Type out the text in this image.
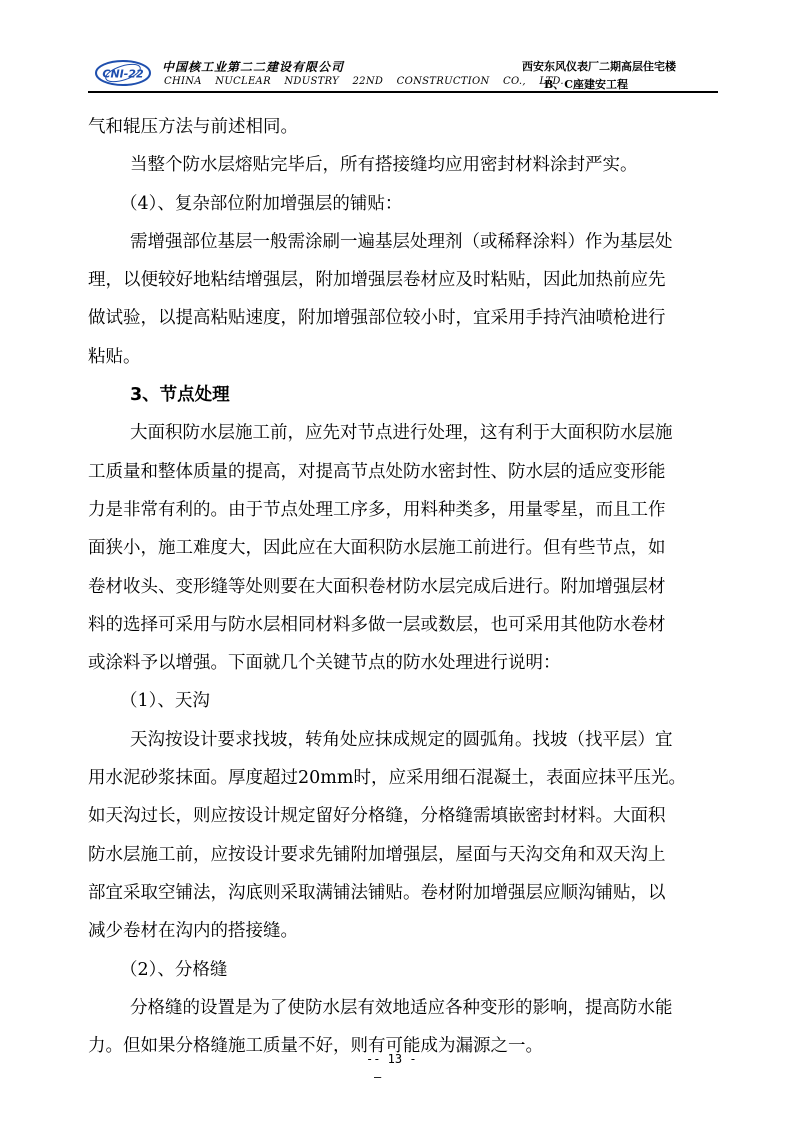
CNI-22 中国核工业第二二建设有限公司
CHINA NUCLEAR NDUSTRY 22ND CONSTRUCTION CO., LTD.
西安东风仪表厂二期高层住宅楼
B、C座建安工程
气和辊压方法与前述相同。
当整个防水层熔贴完毕后，所有搭接缝均应用密封材料涂封严实。
（4）、复杂部位附加增强层的铺贴：
需增强部位基层一般需涂刷一遍基层处理剂（或稀释涂料）作为基层处
理，以便较好地粘结增强层，附加增强层卷材应及时粘贴，因此加热前应先
做试验，以提高粘贴速度，附加增强部位较小时，宜采用手持汽油喷枪进行
粘贴。
3、节点处理
大面积防水层施工前，应先对节点进行处理，这有利于大面积防水层施
工质量和整体质量的提高，对提高节点处防水密封性、防水层的适应变形能
力是非常有利的。由于节点处理工序多，用料种类多，用量零星，而且工作
面狭小，施工难度大，因此应在大面积防水层施工前进行。但有些节点，如
卷材收头、变形缝等处则要在大面积卷材防水层完成后进行。附加增强层材
料的选择可采用与防水层相同材料多做一层或数层，也可采用其他防水卷材
或涂料予以增强。下面就几个关键节点的防水处理进行说明：
（1）、天沟
天沟按设计要求找坡，转角处应抹成规定的圆弧角。找坡（找平层）宜
用水泥砂浆抹面。厚度超过20mm时，应采用细石混凝土，表面应抹平压光。
如天沟过长，则应按设计规定留好分格缝，分格缝需填嵌密封材料。大面积
防水层施工前，应按设计要求先铺附加增强层，屋面与天沟交角和双天沟上
部宜采取空铺法，沟底则采取满铺法铺贴。卷材附加增强层应顺沟铺贴，以
减少卷材在沟内的搭接缝。
（2）、分格缝
分格缝的设置是为了使防水层有效地适应各种变形的影响，提高防水能
力。但如果分格缝施工质量不好，则有可能成为漏源之一。
-- 13 -
—
